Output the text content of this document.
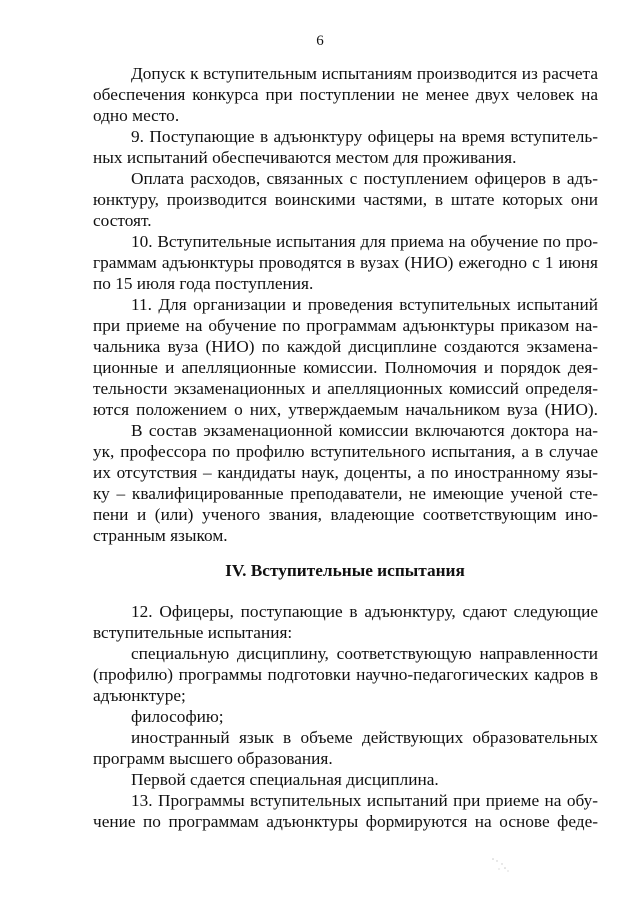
6
Допуск к вступительным испытаниям производится из расчета
обеспечения конкурса при поступлении не менее двух человек на
одно место.
9. Поступающие в адъюнктуру офицеры на время вступитель-
ных испытаний обеспечиваются местом для проживания.
Оплата расходов, связанных с поступлением офицеров в адъ-
юнктуру, производится воинскими частями, в штате которых они
состоят.
10. Вступительные испытания для приема на обучение по про-
граммам адъюнктуры проводятся в вузах (НИО) ежегодно с 1 июня
по 15 июля года поступления.
11. Для организации и проведения вступительных испытаний
при приеме на обучение по программам адъюнктуры приказом на-
чальника вуза (НИО) по каждой дисциплине создаются экзамена-
ционные и апелляционные комиссии. Полномочия и порядок дея-
тельности экзаменационных и апелляционных комиссий определя-
ются положением о них, утверждаемым начальником вуза (НИО).
В состав экзаменационной комиссии включаются доктора на-
ук, профессора по профилю вступительного испытания, а в случае
их отсутствия – кандидаты наук, доценты, а по иностранному язы-
ку – квалифицированные преподаватели, не имеющие ученой сте-
пени и (или) ученого звания, владеющие соответствующим ино-
странным языком.
IV. Вступительные испытания
12. Офицеры, поступающие в адъюнктуру, сдают следующие
вступительные испытания:
специальную дисциплину, соответствующую направленности
(профилю) программы подготовки научно-педагогических кадров в
адъюнктуре;
философию;
иностранный язык в объеме действующих образовательных
программ высшего образования.
Первой сдается специальная дисциплина.
13. Программы вступительных испытаний при приеме на обу-
чение по программам адъюнктуры формируются на основе феде-
